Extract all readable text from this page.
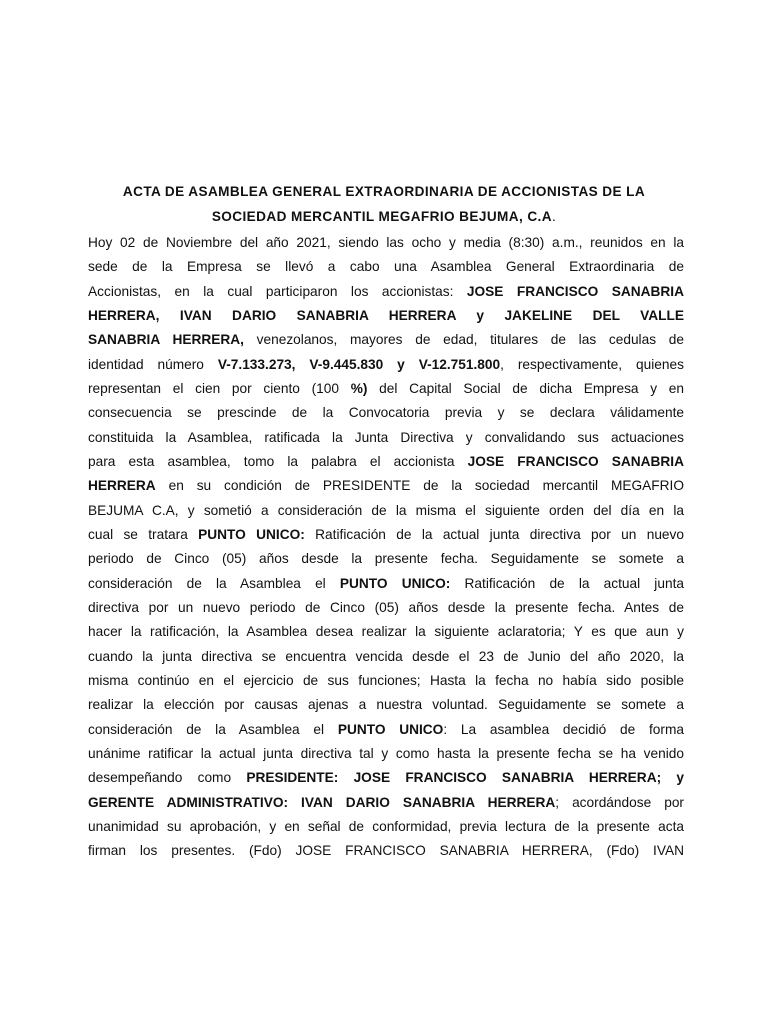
ACTA DE ASAMBLEA GENERAL EXTRAORDINARIA DE ACCIONISTAS DE LA
SOCIEDAD MERCANTIL MEGAFRIO BEJUMA, C.A.
Hoy 02 de Noviembre del año 2021, siendo las ocho y media (8:30) a.m., reunidos en la
sede de la Empresa se llevó a cabo una Asamblea General Extraordinaria de
Accionistas, en la cual participaron los accionistas: JOSE FRANCISCO SANABRIA
HERRERA, IVAN DARIO SANABRIA HERRERA y JAKELINE DEL VALLE
SANABRIA HERRERA, venezolanos, mayores de edad, titulares de las cedulas de
identidad número V-7.133.273, V-9.445.830 y V-12.751.800, respectivamente, quienes
representan el cien por ciento (100 %) del Capital Social de dicha Empresa y en
consecuencia se prescinde de la Convocatoria previa y se declara válidamente
constituida la Asamblea, ratificada la Junta Directiva y convalidando sus actuaciones
para esta asamblea, tomo la palabra el accionista JOSE FRANCISCO SANABRIA
HERRERA en su condición de PRESIDENTE de la sociedad mercantil MEGAFRIO
BEJUMA C.A, y sometió a consideración de la misma el siguiente orden del día en la
cual se tratara PUNTO UNICO: Ratificación de la actual junta directiva por un nuevo
periodo de Cinco (05) años desde la presente fecha. Seguidamente se somete a
consideración de la Asamblea el PUNTO UNICO: Ratificación de la actual junta
directiva por un nuevo periodo de Cinco (05) años desde la presente fecha. Antes de
hacer la ratificación, la Asamblea desea realizar la siguiente aclaratoria; Y es que aun y
cuando la junta directiva se encuentra vencida desde el 23 de Junio del año 2020, la
misma continúo en el ejercicio de sus funciones; Hasta la fecha no había sido posible
realizar la elección por causas ajenas a nuestra voluntad. Seguidamente se somete a
consideración de la Asamblea el PUNTO UNICO: La asamblea decidió de forma
unánime ratificar la actual junta directiva tal y como hasta la presente fecha se ha venido
desempeñando como PRESIDENTE: JOSE FRANCISCO SANABRIA HERRERA; y
GERENTE ADMINISTRATIVO: IVAN DARIO SANABRIA HERRERA; acordándose por
unanimidad su aprobación, y en señal de conformidad, previa lectura de la presente acta
firman los presentes. (Fdo) JOSE FRANCISCO SANABRIA HERRERA, (Fdo) IVAN
